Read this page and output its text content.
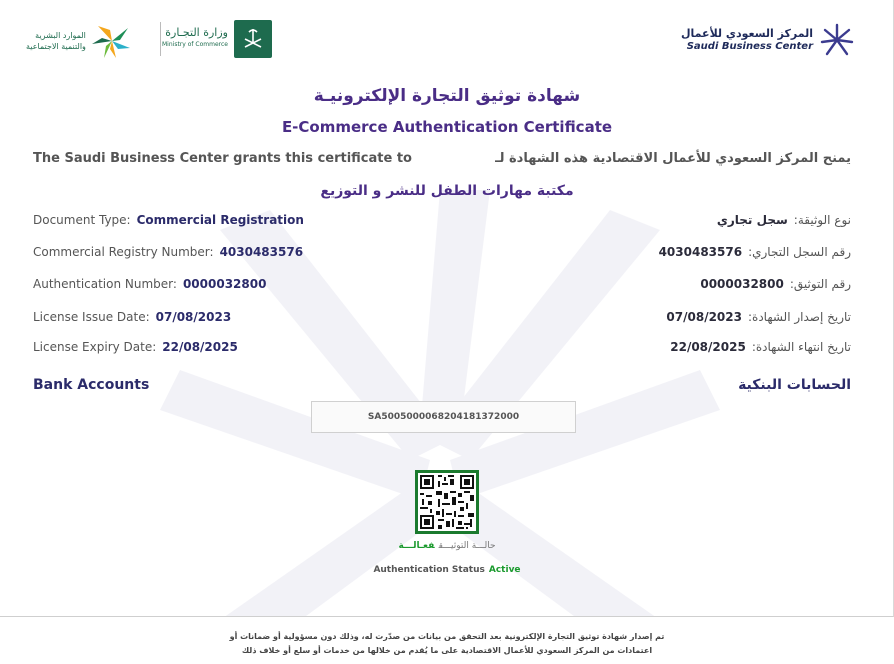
المركز السعودي للأعمال
Saudi Business Center
وزارة التجـارة
Ministry of Commerce
الموارد البشرية
والتنمية الاجتماعية
شهادة توثيق التجارة الإلكترونيـة
E-Commerce Authentication Certificate
The Saudi Business Center grants this certificate to	يمنح المركز السعودي للأعمال الاقتصادية هذه الشهادة لـ
مكتبة مهارات الطفل للنشر و التوزيع
Document Type: Commercial Registration
Commercial Registry Number: 4030483576
Authentication Number: 0000032800
License Issue Date: 07/08/2023
License Expiry Date: 22/08/2025
نوع الوثيقة:سجل تجاري
رقم السجل التجاري:4030483576
رقم التوثيق:0000032800
تاريخ إصدار الشهادة:07/08/2023
تاريخ انتهاء الشهادة:22/08/2025
Bank Accounts	الحسابات البنكية
SA5005000068204181372000
حالـــة التوثيـــقفعـالـــة
Authentication Status Active
تم إصدار شهادة توثيق التجارة الإلكترونية بعد التحقق من بيانات من صدّرت له، وذلك دون مسؤولية أو ضمانات أو
اعتمادات من المركز السعودي للأعمال الاقتصادية على ما يُقدم من خلالها من خدمات أو سلع أو خلاف ذلك
